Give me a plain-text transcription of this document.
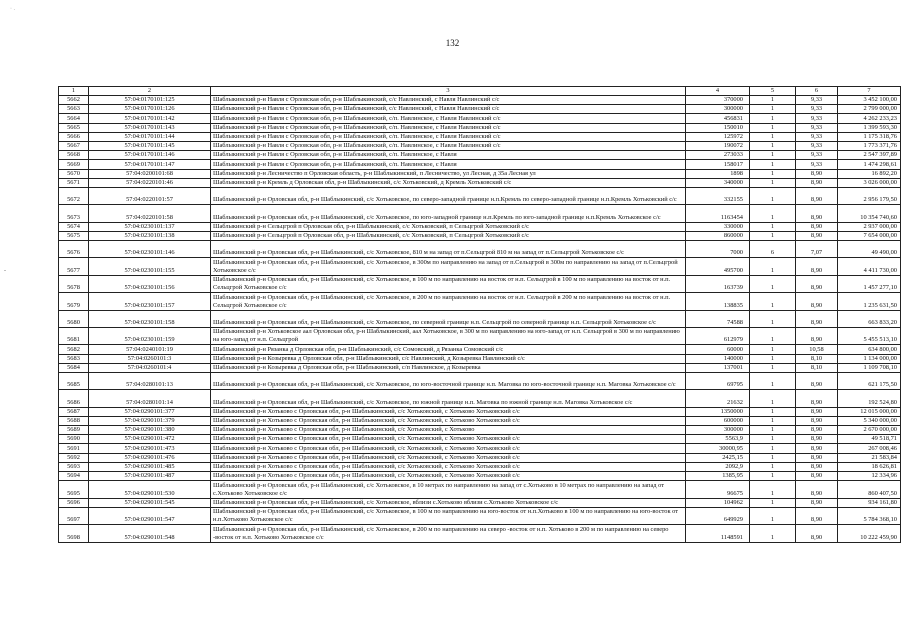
· .
-
132
1	2	3	4	5	6	7
5662	57:04:0170101:125	Шаблыкинский р-н Навля с Орловская обл, р-н Шаблыкинский, с/с Навлинский, с Навля Навлинский с/с	370000	1	9,33	3 452 100,00
5663	57:04:0170101:126	Шаблыкинский р-н Навля с Орловская обл, р-н Шаблыкинский, с/с Навлинский, с Навля Навлинский с/с	300000	1	9,33	2 799 000,00
5664	57:04:0170101:142	Шаблыкинский р-н Навля с Орловская обл, р-н Шаблыкинский, с/п. Навлинское, с Навля Навлинский с/с	456831	1	9,33	4 262 233,23
5665	57:04:0170101:143	Шаблыкинский р-н Навля с Орловская обл, р-н Шаблыкинский, с/п. Навлинское, с Навля Навлинский с/с	150010	1	9,33	1 399 593,30
5666	57:04:0170101:144	Шаблыкинский р-н Навля с Орловская обл, р-н Шаблыкинский, с/п. Навлинское, с Навля Навлинский с/с	125972	1	9,33	1 175 318,76
5667	57:04:0170101:145	Шаблыкинский р-н Навля с Орловская обл, р-н Шаблыкинский, с/п. Навлинское, с Навля Навлинский с/с	190072	1	9,33	1 773 371,76
5668	57:04:0170101:146	Шаблыкинский р-н Навля с Орловская обл, р-н Шаблыкинский, с/п. Навлинское, с Навля	273033	1	9,33	2 547 397,89
5669	57:04:0170101:147	Шаблыкинский р-н Навля с Орловская обл, р-н Шаблыкинский, с/п. Навлинское, с Навля	158017	1	9,33	1 474 298,61
5670	57:04:0200101:68	Шаблыкинский р-н Лесничество п Орловская область, р-н Шаблыкинский, п Лесничество, ул Лесная, д 35а Лесная ул	1898	1	8,90	16 892,20
5671	57:04:0220101:46	Шаблыкинский р-н Кремль д Орловская обл, р-н Шаблыкинский, с/с Хотьковский, д Кремль Хотьковский с/с	340000	1	8,90	3 026 000,00
5672	57:04:0220101:57	Шаблыкинский р-н Орловская обл, р-н Шаблыкинский, с/с Хотьковское, по северо-западной границе н.п.Кремль по северо-западной границе н.п.Кремль Хотьковский с/с	332155	1	8,90	2 956 179,50
5673	57:04:0220101:58	Шаблыкинский р-н Орловская обл, р-н Шаблыкинский, с/с Хотьковское, по юго-западной границе н.п.Кремль по юго-западной границе н.п.Кремль Хотьковское с/с	1163454	1	8,90	10 354 740,60
5674	57:04:0230101:137	Шаблыкинский р-н Сельцгрой п Орловская обл, р-н Шаблыкинский, с/с Хотьковский, п Сельцгрой Хотьковский с/с	330000	1	8,90	2 937 000,00
5675	57:04:0230101:138	Шаблыкинский р-н Сельцгрой п Орловская обл, р-н Шаблыкинский, с/с Хотьковский, п Сельцгрой Хотьковский с/с	860000	1	8,90	7 654 000,00
5676	57:04:0230101:146	Шаблыкинский р-н Орловская обл, р-н Шаблыкинский, с/с Хотьковское, 810 м на запад от п.Сельцгрой 810 м на запад от п.Сельцгрой Хотьковское с/с	7000	6	7,07	49 490,00
5677	57:04:0230101:155	Шаблыкинский р-н Орловская обл, р-н Шаблыкинский, с/с Хотьковское, в 300м по направлению на запад от п.Сельцгрой в 300м по направлению на запад от п.Сельцгрой Хотьковское с/с	495700	1	8,90	4 411 730,00
5678	57:04:0230101:156	Шаблыкинский р-н Орловская обл, р-н Шаблыкинский, с/с Хотьковское, в 100 м по направлению на восток от н.п. Сельцгрой в 100 м по направлению на восток от н.п. Сельцгрой Хотьковское с/с	163739	1	8,90	1 457 277,10
5679	57:04:0230101:157	Шаблыкинский р-н Орловская обл, р-н Шаблыкинский, с/с Хотьковское, в 200 м по направлению на восток от н.п. Сельцгрой в 200 м по направлению на восток от н.п. Сельцгрой Хотьковское с/с	138835	1	8,90	1 235 631,50
5680	57:04:0230101:158	Шаблыкинский р-н Орловская обл, р-н Шаблыкинский, с/с Хотьковское, по северной границе н.п. Сельцгрой по северной границе н.п. Сельцгрой Хотьковское с/с	74588	1	8,90	663 833,20
5681	57:04:0230101:159	Шаблыкинский р-н Хотьковское аал Орловская обл, р-н Шаблыкинский, аал Хотьковское, в 300 м по направлению на юго-запад от н.п. Сельцгрой в 300 м по направлению на юго-запад от н.п. Сельцгрой	612979	1	8,90	5 455 513,10
5682	57:04:0240101:19	Шаблыкинский р-н Рязанка д Орловская обл, р-н Шаблыкинский, с/с Сомовский, д Рязанка Сомовский с/с	60000	1	10,58	634 800,00
5683	57:04:0260101:3	Шаблыкинский р-н Козыревка д Орловская обл, р-н Шаблыкинский, с/с Навлинский, д Козыревка Навлинский с/с	140000	1	8,10	1 134 000,00
5684	57:04:0260101:4	Шаблыкинский р-н Козыревка д Орловская обл, р-н Шаблыкинский, с/п Навлинское, д Козыревка	137001	1	8,10	1 109 708,10
5685	57:04:0280101:13	Шаблыкинский р-н Орловская обл, р-н Шаблыкинский, с/с Хотьковское, по юго-восточной границе н.п. Маговка по юго-восточной границе н.п. Маговка Хотьковское с/с	69795	1	8,90	621 175,50
5686	57:04:0280101:14	Шаблыкинский р-н Орловская обл, р-н Шаблыкинский, с/с Хотьковское, по южной границе н.п. Маговка по южной границе н.п. Маговка Хотьковское с/с	21632	1	8,90	192 524,80
5687	57:04:0290101:377	Шаблыкинский р-н Хотьково с Орловская обл, р-н Шаблыкинский, с/с Хотьковский, с Хотьково Хотьковский с/с	1350000	1	8,90	12 015 000,00
5688	57:04:0290101:379	Шаблыкинский р-н Хотьково с Орловская обл, р-н Шаблыкинский, с/с Хотьковский, с Хотьково Хотьковский с/с	600000	1	8,90	5 340 000,00
5689	57:04:0290101:380	Шаблыкинский р-н Хотьково с Орловская обл, р-н Шаблыкинский, с/с Хотьковский, с Хотьково	300000	1	8,90	2 670 000,00
5690	57:04:0290101:472	Шаблыкинский р-н Хотьково с Орловская обл, р-н Шаблыкинский, с/с Хотьковский, с Хотьково Хотьковский с/с	5563,9	1	8,90	49 518,71
5691	57:04:0290101:473	Шаблыкинский р-н Хотьково с Орловская обл, р-н Шаблыкинский, с/с Хотьковский, с Хотьково Хотьковский с/с	30000,95	1	8,90	267 008,46
5692	57:04:0290101:476	Шаблыкинский р-н Хотьково с Орловская обл, р-н Шаблыкинский, с/с Хотьковский, с Хотьково Хотьковский с/с	2425,15	1	8,90	21 583,84
5693	57:04:0290101:485	Шаблыкинский р-н Хотьково с Орловская обл, р-н Шаблыкинский, с/с Хотьковский, с Хотьково Хотьковский с/с	2092,9	1	8,90	18 626,81
5694	57:04:0290101:487	Шаблыкинский р-н Хотьково с Орловская обл, р-н Шаблыкинский, с/с Хотьковский, с Хотьково Хотьковский с/с	1385,95	1	8,90	12 334,96
5695	57:04:0290101:530	Шаблыкинский р-н Орловская обл, р-н Шаблыкинский, с/с Хотьковское, в 10 метрах по направлению на запад от с.Хотьково в 10 метрах по направлению на запад от с.Хотьково Хотьковское с/с	96675	1	8,90	860 407,50
5696	57:04:0290101:545	Шаблыкинский р-н Орловская обл, р-н Шаблыкинский, с/с Хотьковское, вблизи с.Хотьково вблизи с.Хотьково Хотьковское с/с	104962	1	8,90	934 161,80
5697	57:04:0290101:547	Шаблыкинский р-н Орловская обл, р-н Шаблыкинский, с/с Хотьковское, в 100 м по направлению на юго-восток от н.п.Хотьково в 100 м по направлению на юго-восток от н.п.Хотьково Хотьковское с/с	649929	1	8,90	5 784 368,10
5698	57:04:0290101:548	Шаблыкинский р-н Орловская обл, р-н Шаблыкинский, с/с Хотьковское, в 200 м по направлению на северо -восток от н.п. Хотьково в 200 м по направлению на северо -восток от н.п. Хотьково Хотьковское с/с	1148591	1	8,90	10 222 459,90
